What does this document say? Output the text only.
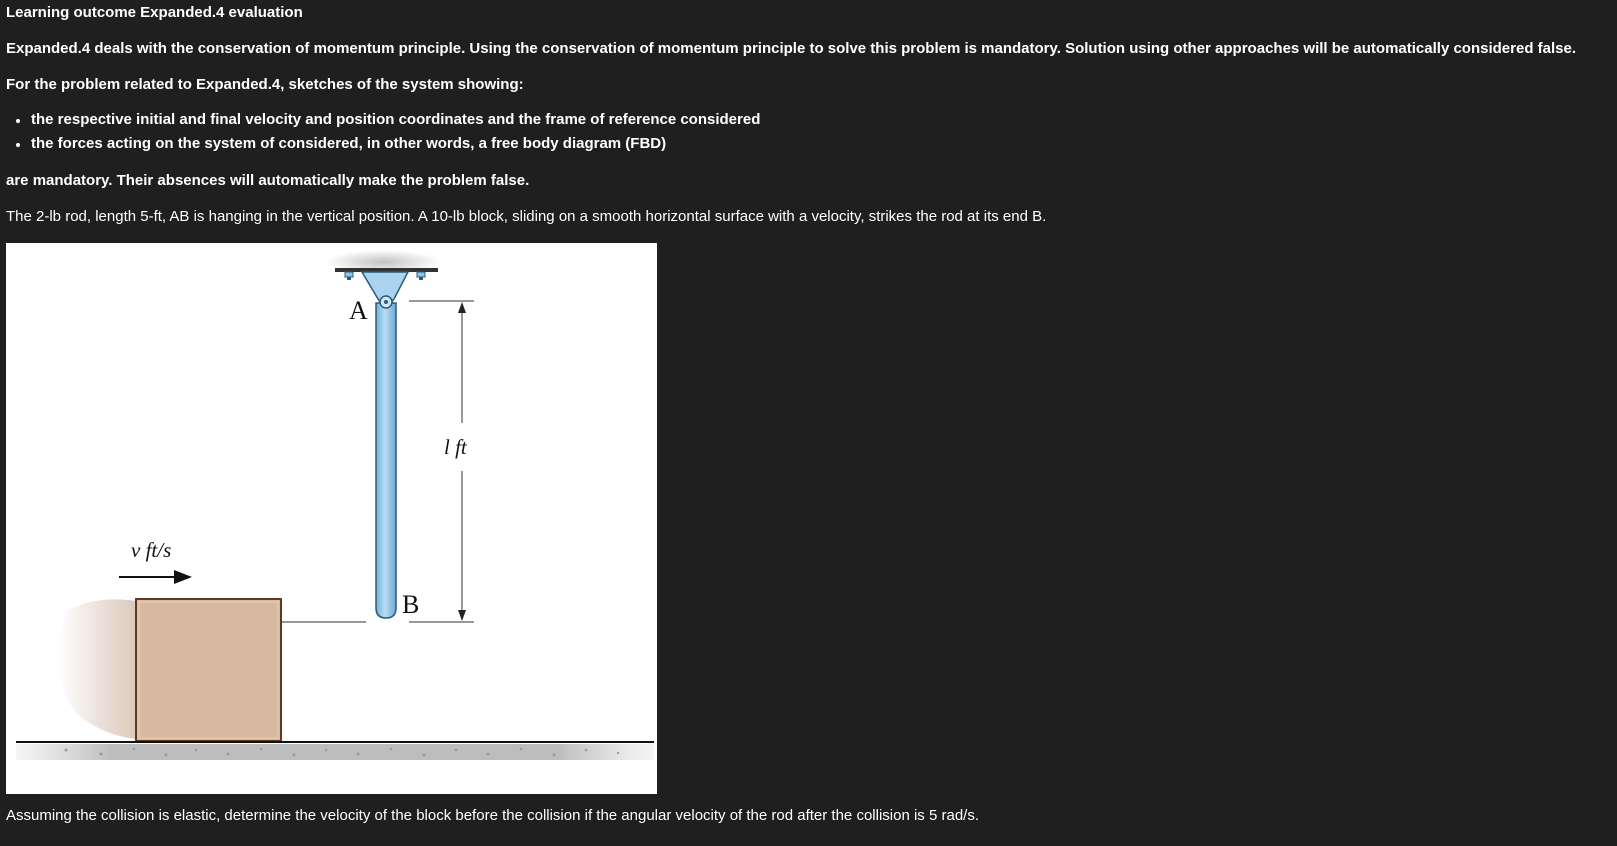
Learning outcome Expanded.4 evaluation
Expanded.4 deals with the conservation of momentum principle. Using the conservation of momentum principle to solve this problem is mandatory. Solution using other approaches will be automatically considered false.
For the problem related to Expanded.4, sketches of the system showing:
the respective initial and final velocity and position coordinates and the frame of reference considered
the forces acting on the system of considered, in other words, a free body diagram (FBD)
are mandatory. Their absences will automatically make the problem false.
The 2-lb rod, length 5-ft, AB is hanging in the vertical position. A 10-lb block, sliding on a smooth horizontal surface with a velocity, strikes the rod at its end B.
Assuming the collision is elastic, determine the velocity of the block before the collision if the angular velocity of the rod after the collision is 5 rad/s.
A
B
l ft
v ft/s
